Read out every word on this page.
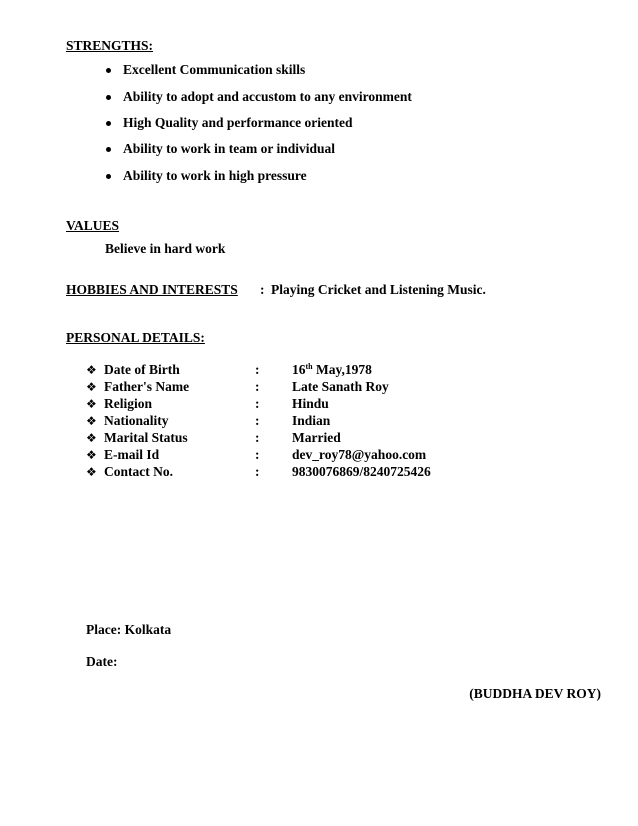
STRENGTHS:
Excellent Communication skills
Ability to adopt and accustom to any environment
High Quality and performance oriented
Ability to work in team or individual
Ability to work in high pressure
VALUES
Believe in hard work
HOBBIES AND INTERESTS : Playing Cricket and Listening Music.
PERSONAL DETAILS:
❖ Date of Birth	: 16th May,1978
❖ Father's Name	: Late Sanath Roy
❖ Religion	: Hindu
❖ Nationality	: Indian
❖ Marital Status	: Married
❖ E-mail Id	: dev_roy78@yahoo.com
❖ Contact No.	: 9830076869/8240725426
Place: Kolkata
Date:
(BUDDHA DEV ROY)
